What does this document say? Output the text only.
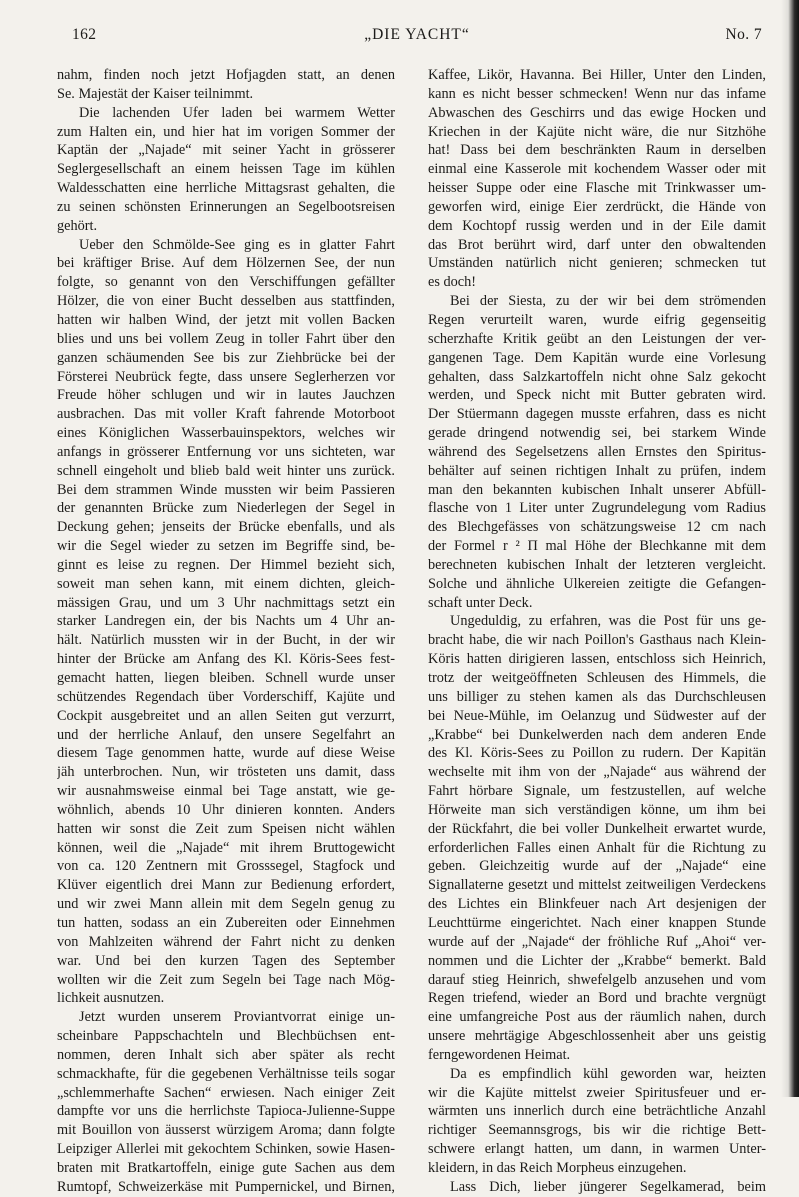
162	„DIE YACHT“	No. 7

nahm, finden noch jetzt Hofjagden statt, an denen

Se. Majestät der Kaiser teilnimmt.

Die lachenden Ufer laden bei warmem Wetter

zum Halten ein, und hier hat im vorigen Sommer der

Kaptän der „Najade“ mit seiner Yacht in grösserer

Seglergesellschaft an einem heissen Tage im kühlen

Waldesschatten eine herrliche Mittagsrast gehalten, die

zu seinen schönsten Erinnerungen an Segelbootsreisen

gehört.

Ueber den Schmölde-See ging es in glatter Fahrt

bei kräftiger Brise. Auf dem Hölzernen See, der nun

folgte, so genannt von den Verschiffungen gefällter

Hölzer, die von einer Bucht desselben aus stattfinden,

hatten wir halben Wind, der jetzt mit vollen Backen

blies und uns bei vollem Zeug in toller Fahrt über den

ganzen schäumenden See bis zur Ziehbrücke bei der

Försterei Neubrück fegte, dass unsere Seglerherzen vor

Freude höher schlugen und wir in lautes Jauchzen

ausbrachen. Das mit voller Kraft fahrende Motorboot

eines Königlichen Wasserbauinspektors, welches wir

anfangs in grösserer Entfernung vor uns sichteten, war

schnell eingeholt und blieb bald weit hinter uns zurück.

Bei dem strammen Winde mussten wir beim Passieren

der genannten Brücke zum Niederlegen der Segel in

Deckung gehen; jenseits der Brücke ebenfalls, und als

wir die Segel wieder zu setzen im Begriffe sind, be-

ginnt es leise zu regnen. Der Himmel bezieht sich,

soweit man sehen kann, mit einem dichten, gleich-

mässigen Grau, und um 3 Uhr nachmittags setzt ein

starker Landregen ein, der bis Nachts um 4 Uhr an-

hält. Natürlich mussten wir in der Bucht, in der wir

hinter der Brücke am Anfang des Kl. Köris-Sees fest-

gemacht hatten, liegen bleiben. Schnell wurde unser

schützendes Regendach über Vorderschiff, Kajüte und

Cockpit ausgebreitet und an allen Seiten gut verzurrt,

und der herrliche Anlauf, den unsere Segelfahrt an

diesem Tage genommen hatte, wurde auf diese Weise

jäh unterbrochen. Nun, wir trösteten uns damit, dass

wir ausnahmsweise einmal bei Tage anstatt, wie ge-

wöhnlich, abends 10 Uhr dinieren konnten. Anders

hatten wir sonst die Zeit zum Speisen nicht wählen

können, weil die „Najade“ mit ihrem Bruttogewicht

von ca. 120 Zentnern mit Grosssegel, Stagfock und

Klüver eigentlich drei Mann zur Bedienung erfordert,

und wir zwei Mann allein mit dem Segeln genug zu

tun hatten, sodass an ein Zubereiten oder Einnehmen

von Mahlzeiten während der Fahrt nicht zu denken

war. Und bei den kurzen Tagen des September

wollten wir die Zeit zum Segeln bei Tage nach Mög-

lichkeit ausnutzen.

Jetzt wurden unserem Proviantvorrat einige un-

scheinbare Pappschachteln und Blechbüchsen ent-

nommen, deren Inhalt sich aber später als recht

schmackhafte, für die gegebenen Verhältnisse teils sogar

„schlemmerhafte Sachen“ erwiesen. Nach einiger Zeit

dampfte vor uns die herrlichste Tapioca-Julienne-Suppe

mit Bouillon von äusserst würzigem Aroma; dann folgte

Leipziger Allerlei mit gekochtem Schinken, sowie Hasen-

braten mit Bratkartoffeln, einige gute Sachen aus dem

Rumtopf, Schweizerkäse mit Pumpernickel, und Birnen,

Kaffee, Likör, Havanna. Bei Hiller, Unter den Linden,

kann es nicht besser schmecken! Wenn nur das infame

Abwaschen des Geschirrs und das ewige Hocken und

Kriechen in der Kajüte nicht wäre, die nur Sitzhöhe

hat! Dass bei dem beschränkten Raum in derselben

einmal eine Kasserole mit kochendem Wasser oder mit

heisser Suppe oder eine Flasche mit Trinkwasser um-

geworfen wird, einige Eier zerdrückt, die Hände von

dem Kochtopf russig werden und in der Eile damit

das Brot berührt wird, darf unter den obwaltenden

Umständen natürlich nicht genieren; schmecken tut

es doch!

Bei der Siesta, zu der wir bei dem strömenden

Regen verurteilt waren, wurde eifrig gegenseitig

scherzhafte Kritik geübt an den Leistungen der ver-

gangenen Tage. Dem Kapitän wurde eine Vorlesung

gehalten, dass Salzkartoffeln nicht ohne Salz gekocht

werden, und Speck nicht mit Butter gebraten wird.

Der Stüermann dagegen musste erfahren, dass es nicht

gerade dringend notwendig sei, bei starkem Winde

während des Segelsetzens allen Ernstes den Spiritus-

behälter auf seinen richtigen Inhalt zu prüfen, indem

man den bekannten kubischen Inhalt unserer Abfüll-

flasche von 1 Liter unter Zugrundelegung vom Radius

des Blechgefässes von schätzungsweise 12 cm nach

der Formel r ² Π mal Höhe der Blechkanne mit dem

berechneten kubischen Inhalt der letzteren vergleicht.

Solche und ähnliche Ulkereien zeitigte die Gefangen-

schaft unter Deck.

Ungeduldig, zu erfahren, was die Post für uns ge-

bracht habe, die wir nach Poillon's Gasthaus nach Klein-

Köris hatten dirigieren lassen, entschloss sich Heinrich,

trotz der weitgeöffneten Schleusen des Himmels, die

uns billiger zu stehen kamen als das Durchschleusen

bei Neue-Mühle, im Oelanzug und Südwester auf der

„Krabbe“ bei Dunkelwerden nach dem anderen Ende

des Kl. Köris-Sees zu Poillon zu rudern. Der Kapitän

wechselte mit ihm von der „Najade“ aus während der

Fahrt hörbare Signale, um festzustellen, auf welche

Hörweite man sich verständigen könne, um ihm bei

der Rückfahrt, die bei voller Dunkelheit erwartet wurde,

erforderlichen Falles einen Anhalt für die Richtung zu

geben. Gleichzeitig wurde auf der „Najade“ eine

Signallaterne gesetzt und mittelst zeitweiligen Verdeckens

des Lichtes ein Blinkfeuer nach Art desjenigen der

Leuchttürme eingerichtet. Nach einer knappen Stunde

wurde auf der „Najade“ der fröhliche Ruf „Ahoi“ ver-

nommen und die Lichter der „Krabbe“ bemerkt. Bald

darauf stieg Heinrich, shwefelgelb anzusehen und vom

Regen triefend, wieder an Bord und brachte vergnügt

eine umfangreiche Post aus der räumlich nahen, durch

unsere mehrtägige Abgeschlossenheit aber uns geistig

ferngewordenen Heimat.

Da es empfindlich kühl geworden war, heizten

wir die Kajüte mittelst zweier Spiritusfeuer und er-

wärmten uns innerlich durch eine beträchtliche Anzahl

richtiger Seemannsgrogs, bis wir die richtige Bett-

schwere erlangt hatten, um dann, in warmen Unter-

kleidern, in das Reich Morpheus einzugehen.

Lass Dich, lieber jüngerer Segelkamerad, beim
